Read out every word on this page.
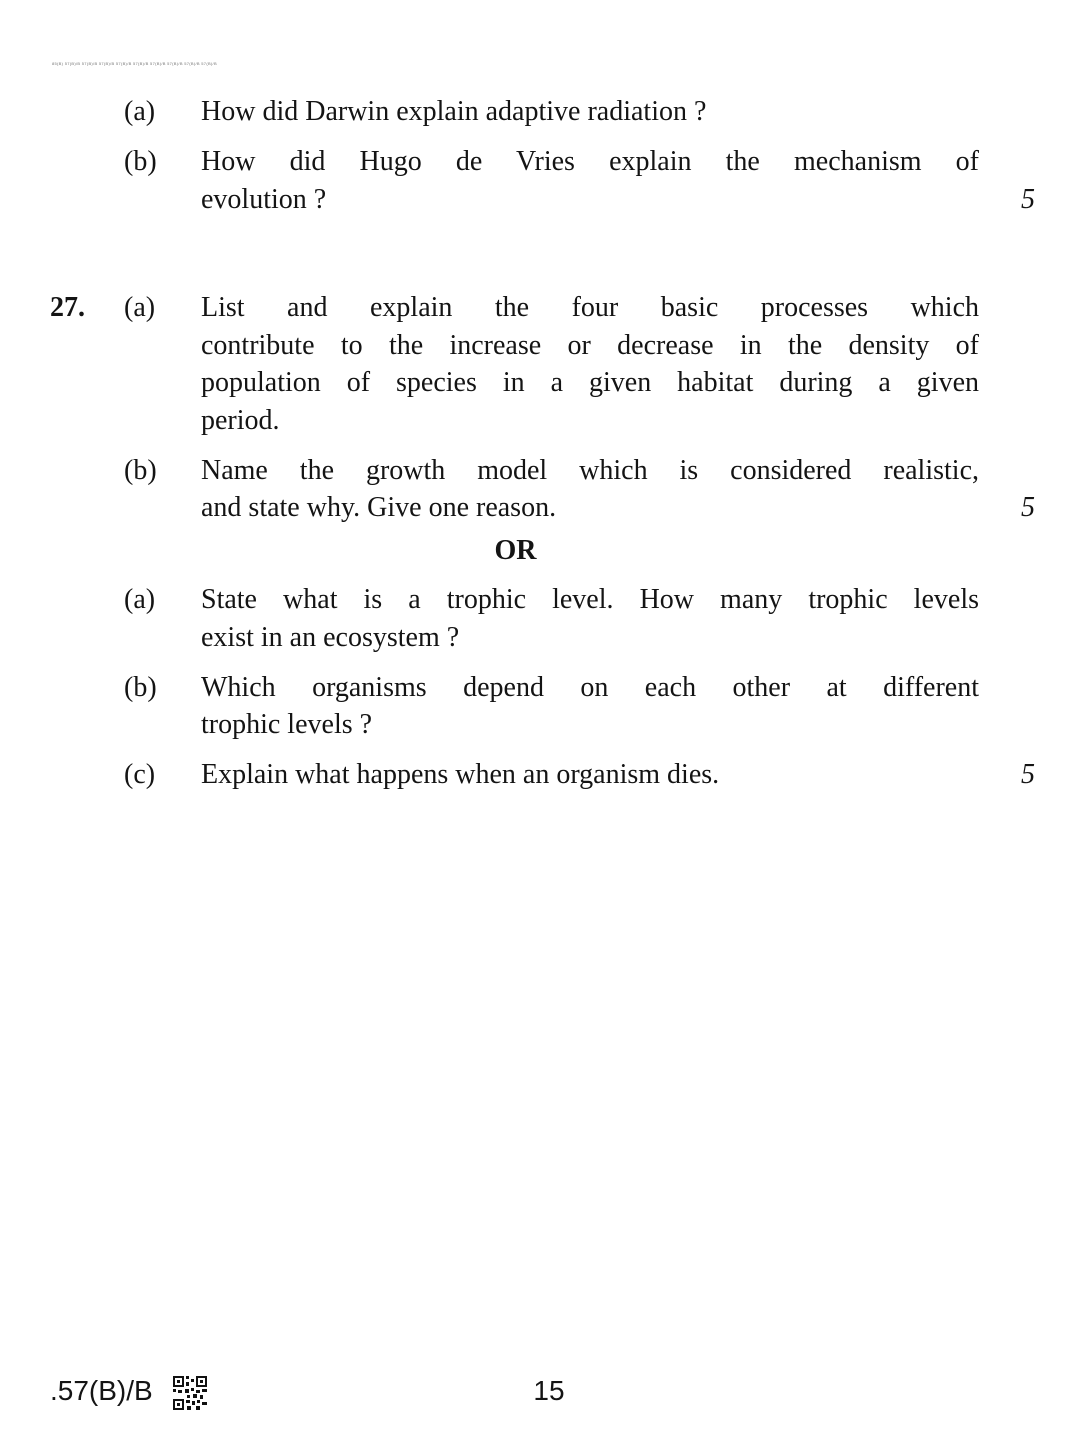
85(B) 57(B)/B 57(B)/B 57(B)/B 57(B)/B 57(B)/B 57(B)/B 57(B)/B 57(B)/B 57(B)/B
(a) How did Darwin explain adaptive radiation ?
(b) How did Hugo de Vries explain the mechanism of
evolution ?	5
27. (a) List and explain the four basic processes which
contribute to the increase or decrease in the density of
population of species in a given habitat during a given
period.
(b) Name the growth model which is considered realistic,
and state why. Give one reason.	5
OR
(a) State what is a trophic level. How many trophic levels
exist in an ecosystem ?
(b) Which organisms depend on each other at different
trophic levels ?
(c) Explain what happens when an organism dies.	5
.57(B)/B	15
